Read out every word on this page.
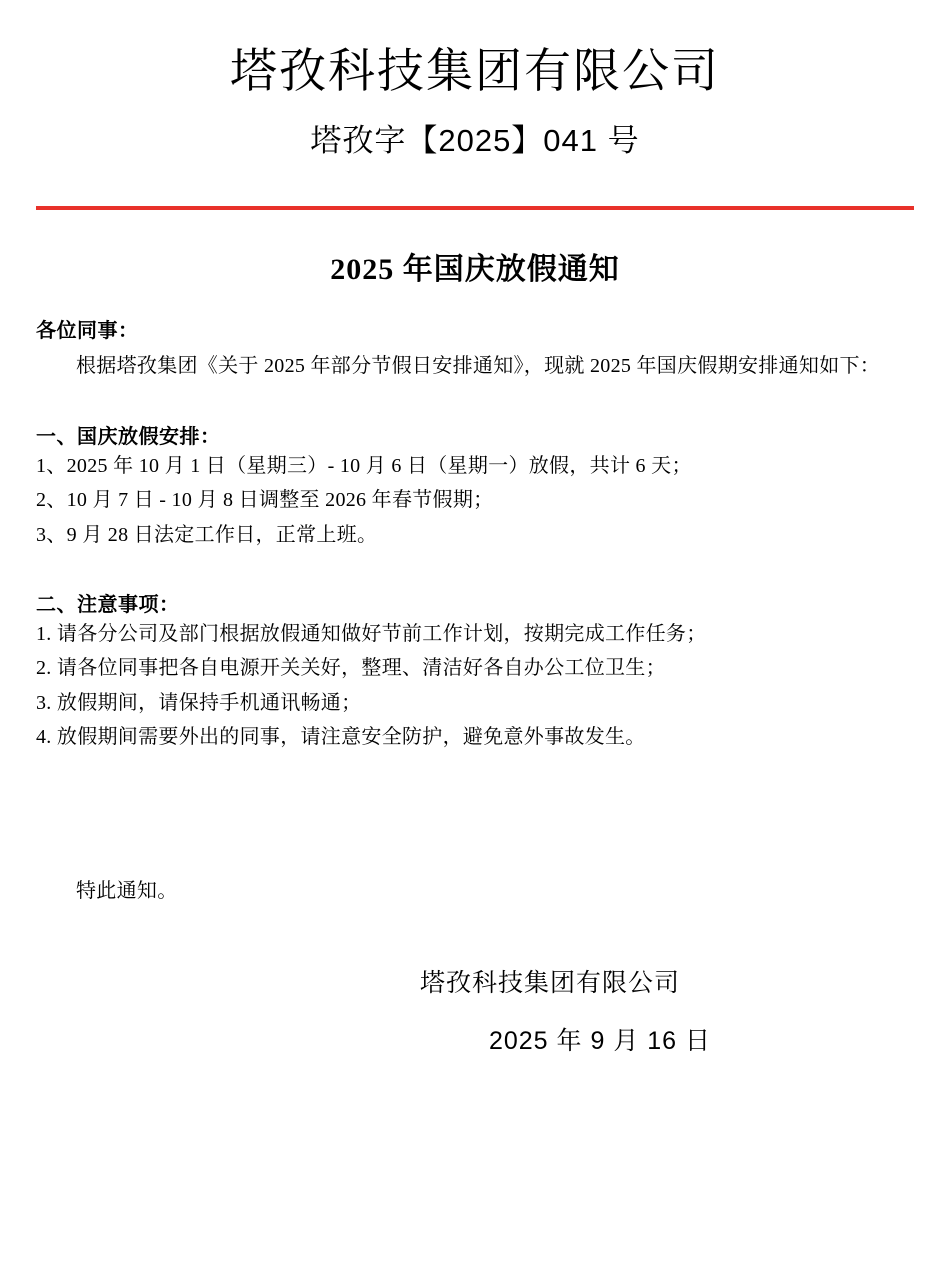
塔孜科技集团有限公司
塔孜字【2025】041 号
2025 年国庆放假通知
各位同事：
根据塔孜集团《关于 2025 年部分节假日安排通知》，现就 2025 年国庆假期安排通知如下：
一、国庆放假安排：
1、2025 年 10 月 1 日（星期三）- 10 月 6 日（星期一）放假，共计 6 天；
2、10 月 7 日 - 10 月 8 日调整至 2026 年春节假期；
3、9 月 28 日法定工作日，正常上班。
二、注意事项：
1. 请各分公司及部门根据放假通知做好节前工作计划，按期完成工作任务；
2. 请各位同事把各自电源开关关好，整理、清洁好各自办公工位卫生；
3. 放假期间，请保持手机通讯畅通；
4. 放假期间需要外出的同事，请注意安全防护，避免意外事故发生。
特此通知。
塔孜科技集团有限公司
2025 年 9 月 16 日
